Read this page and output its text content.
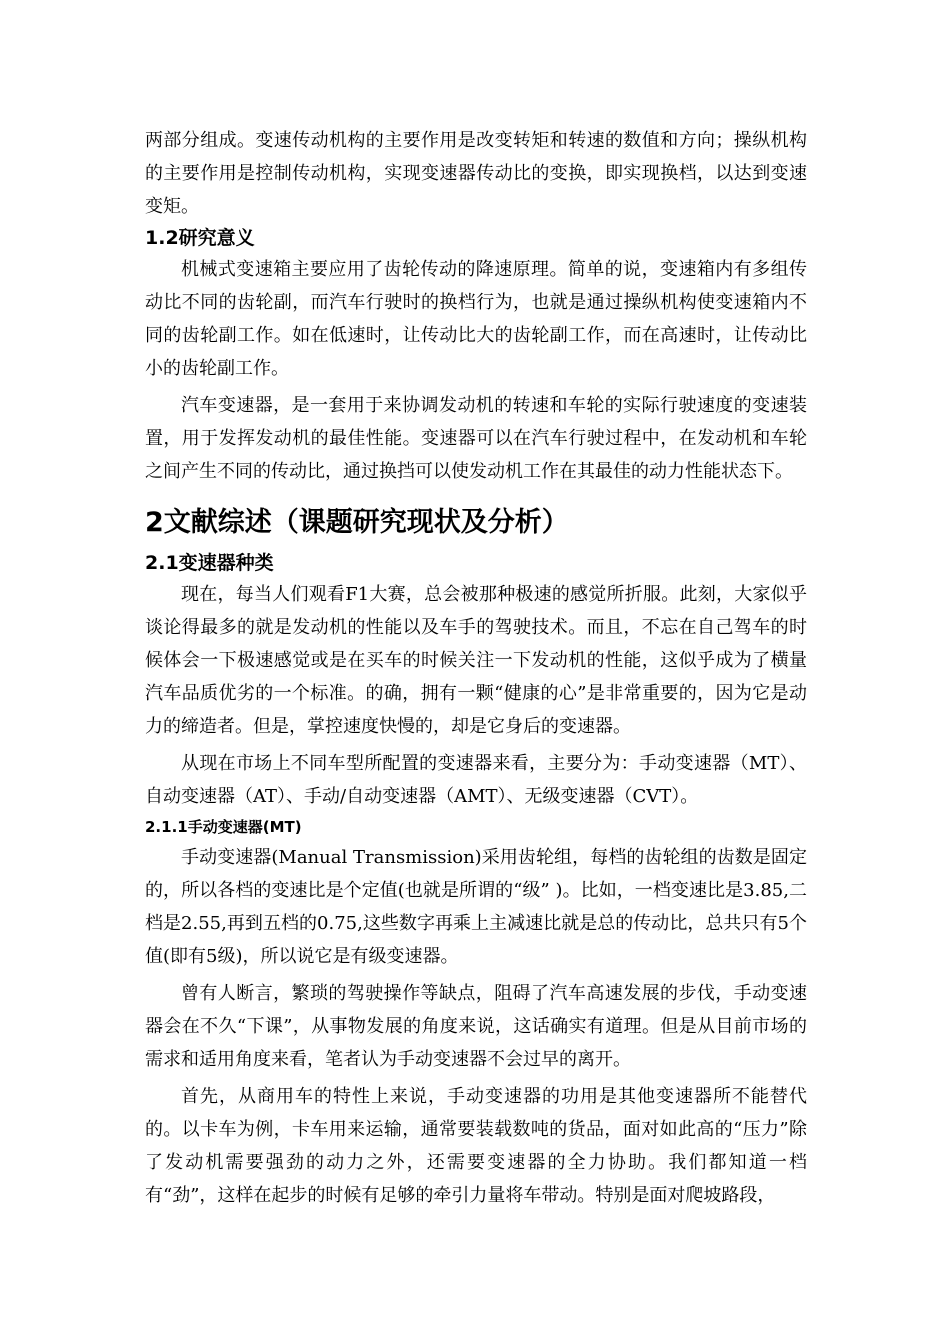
两部分组成。变速传动机构的主要作用是改变转矩和转速的数值和方向；操纵机构的主要作用是控制传动机构，实现变速器传动比的变换，即实现换档，以达到变速变矩。

1.2研究意义

机械式变速箱主要应用了齿轮传动的降速原理。简单的说，变速箱内有多组传动比不同的齿轮副，而汽车行驶时的换档行为，也就是通过操纵机构使变速箱内不同的齿轮副工作。如在低速时，让传动比大的齿轮副工作，而在高速时，让传动比小的齿轮副工作。

汽车变速器，是一套用于来协调发动机的转速和车轮的实际行驶速度的变速装置，用于发挥发动机的最佳性能。变速器可以在汽车行驶过程中，在发动机和车轮之间产生不同的传动比，通过换挡可以使发动机工作在其最佳的动力性能状态下。

2文献综述（课题研究现状及分析）
2.1变速器种类

现在，每当人们观看F1大赛，总会被那种极速的感觉所折服。此刻，大家似乎谈论得最多的就是发动机的性能以及车手的驾驶技术。而且，不忘在自己驾车的时候体会一下极速感觉或是在买车的时候关注一下发动机的性能，这似乎成为了横量汽车品质优劣的一个标准。的确，拥有一颗“健康的心”是非常重要的，因为它是动力的缔造者。但是，掌控速度快慢的，却是它身后的变速器。

从现在市场上不同车型所配置的变速器来看，主要分为：手动变速器（MT）、自动变速器（AT）、手动/自动变速器（AMT）、无级变速器（CVT）。

2.1.1手动变速器(MT)

手动变速器(Manual Transmission)采用齿轮组，每档的齿轮组的齿数是固定的，所以各档的变速比是个定值(也就是所谓的“级” )。比如，一档变速比是3.85,二档是2.55,再到五档的0.75,这些数字再乘上主减速比就是总的传动比，总共只有5个值(即有5级)，所以说它是有级变速器。

曾有人断言，繁琐的驾驶操作等缺点，阻碍了汽车高速发展的步伐，手动变速器会在不久“下课”，从事物发展的角度来说，这话确实有道理。但是从目前市场的需求和适用角度来看，笔者认为手动变速器不会过早的离开。

首先，从商用车的特性上来说，手动变速器的功用是其他变速器所不能替代的。以卡车为例，卡车用来运输，通常要装载数吨的货品，面对如此高的“压力”除了发动机需要强劲的动力之外，还需要变速器的全力协助。我们都知道一档有“劲”，这样在起步的时候有足够的牵引力量将车带动。特别是面对爬坡路段，
